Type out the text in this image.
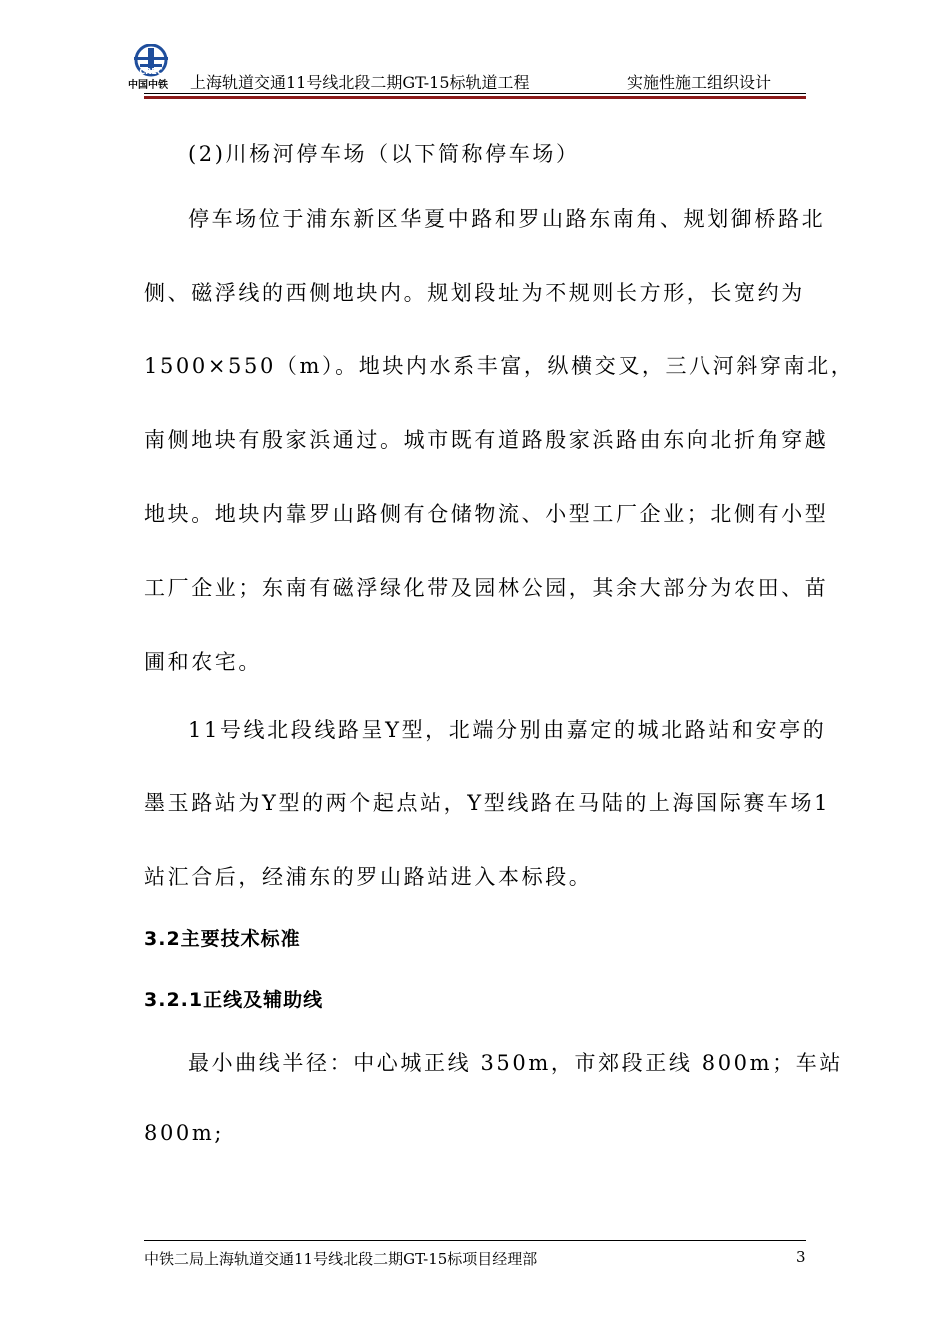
CREC
中国中铁 上海轨道交通11号线北段二期GT-15标轨道工程	实施性施工组织设计
(2)川杨河停车场（以下简称停车场）
停车场位于浦东新区华夏中路和罗山路东南角、规划御桥路北
侧、磁浮线的西侧地块内。规划段址为不规则长方形，长宽约为
1500×550（m）。地块内水系丰富，纵横交叉，三八河斜穿南北，
南侧地块有殷家浜通过。城市既有道路殷家浜路由东向北折角穿越
地块。地块内靠罗山路侧有仓储物流、小型工厂企业；北侧有小型
工厂企业；东南有磁浮绿化带及园林公园，其余大部分为农田、苗
圃和农宅。
11号线北段线路呈Y型，北端分别由嘉定的城北路站和安亭的
墨玉路站为Y型的两个起点站，Y型线路在马陆的上海国际赛车场1
站汇合后，经浦东的罗山路站进入本标段。
3.2主要技术标准
3.2.1正线及辅助线
最小曲线半径：中心城正线 350m，市郊段正线 800m；车站
800m;
中铁二局上海轨道交通11号线北段二期GT-15标项目经理部	3
